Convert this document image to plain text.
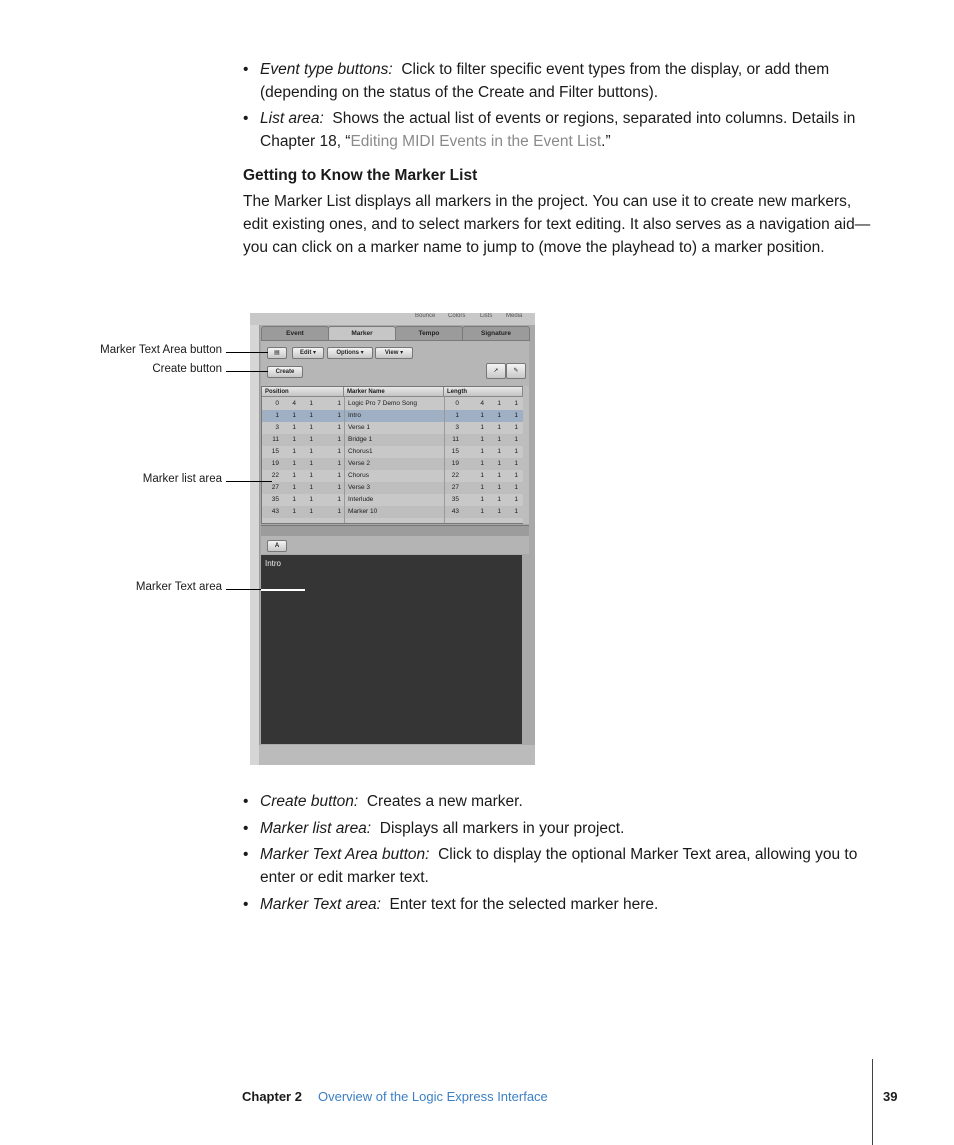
• Event type buttons: Click to filter specific event types from the display, or add them (depending on the status of the Create and Filter buttons).
• List area: Shows the actual list of events or regions, separated into columns. Details in Chapter 18, “Editing MIDI Events in the Event List.”
Getting to Know the Marker List
The Marker List displays all markers in the project. You can use it to create new markers, edit existing ones, and to select markers for text editing. It also serves as a navigation aid—you can click on a marker name to jump to (move the playhead to) a marker position.
Bounce Colors Lists Media
Event	Marker	Tempo	Signature
▤	Edit ▾	Options ▾	View ▾
Create	➚	✎
Position	Marker Name	Length
0	4	1	1 Logic Pro 7 Demo Song	0	4	1	1
1	1	1	1 Intro	1	1	1	1
3	1	1	1 Verse 1	3	1	1	1
11	1	1	1 Bridge 1	11	1	1	1
15	1	1	1 Chorus1	15	1	1	1
19	1	1	1 Verse 2	19	1	1	1
22	1	1	1 Chorus	22	1	1	1
27	1	1	1 Verse 3	27	1	1	1
35	1	1	1 Interlude	35	1	1	1
43	1	1	1 Marker 10	43	1	1	1
A
Intro
Marker Text Area button
Create button
Marker list area
Marker Text area
• Create button: Creates a new marker.
• Marker list area: Displays all markers in your project.
• Marker Text Area button: Click to display the optional Marker Text area, allowing you to enter or edit marker text.
• Marker Text area: Enter text for the selected marker here.
Chapter 2 Overview of the Logic Express Interface	39
